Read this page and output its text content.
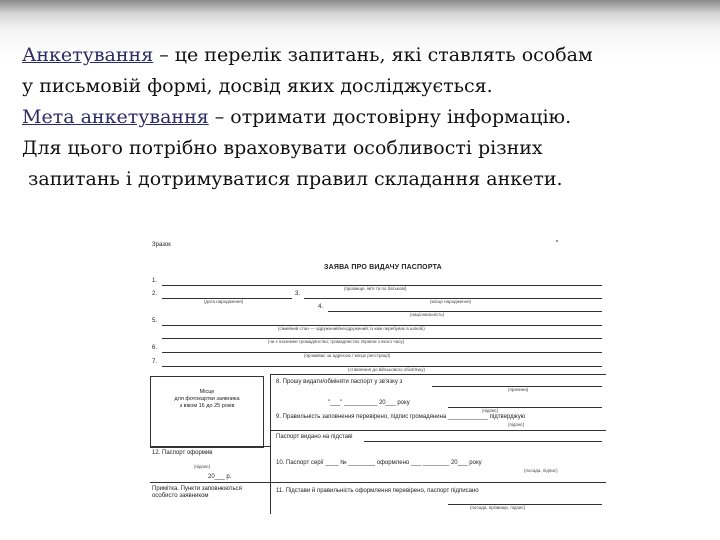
Анкетування – це перелік запитань, які ставлять особам

у письмовій формі, досвід яких досліджується.

Мета анкетування – отримати достовірну інформацію.

Для цього потрібно враховувати особливості різних

запитань і дотримуватися правил складання анкети.

Зразок
ЗАЯВА ПРО ВИДАЧУ ПАСПОРТА
1.
(прізвище, ім'я та по батькові)
2.	3.
(дата народження)	(місце народження)
4.
(національність)
5.
(сімейний стан — одружений/неодружений; із ким перебуває в шлюбі)
(чи є іноземне громадянство; громадянство України з якого часу)
6.
(проживає за адресою / місце реєстрації)
7.
(ставлення до військового обов'язку)
Місце
для фотокартки заявника
з віком 16 до 25 років
8. Прошу видати/обміняти паспорт у зв'язку з
(причина)
"___" __________ 20___ року
(підпис)
9. Правильність заповнення перевірено, підпис громадянина ____________ підтверджую
(підпис)
Паспорт видано на підставі
12. Паспорт оформив
(підпис)
20___ р.
10. Паспорт серії ____ № ________ оформлено ___ ________ 20___ року
(посада, підпис)
Примітка. Пункти заповнюються особисто заявником
11. Підстави й правильність оформлення перевірено, паспорт підписано
(посада, прізвище, підпис)
